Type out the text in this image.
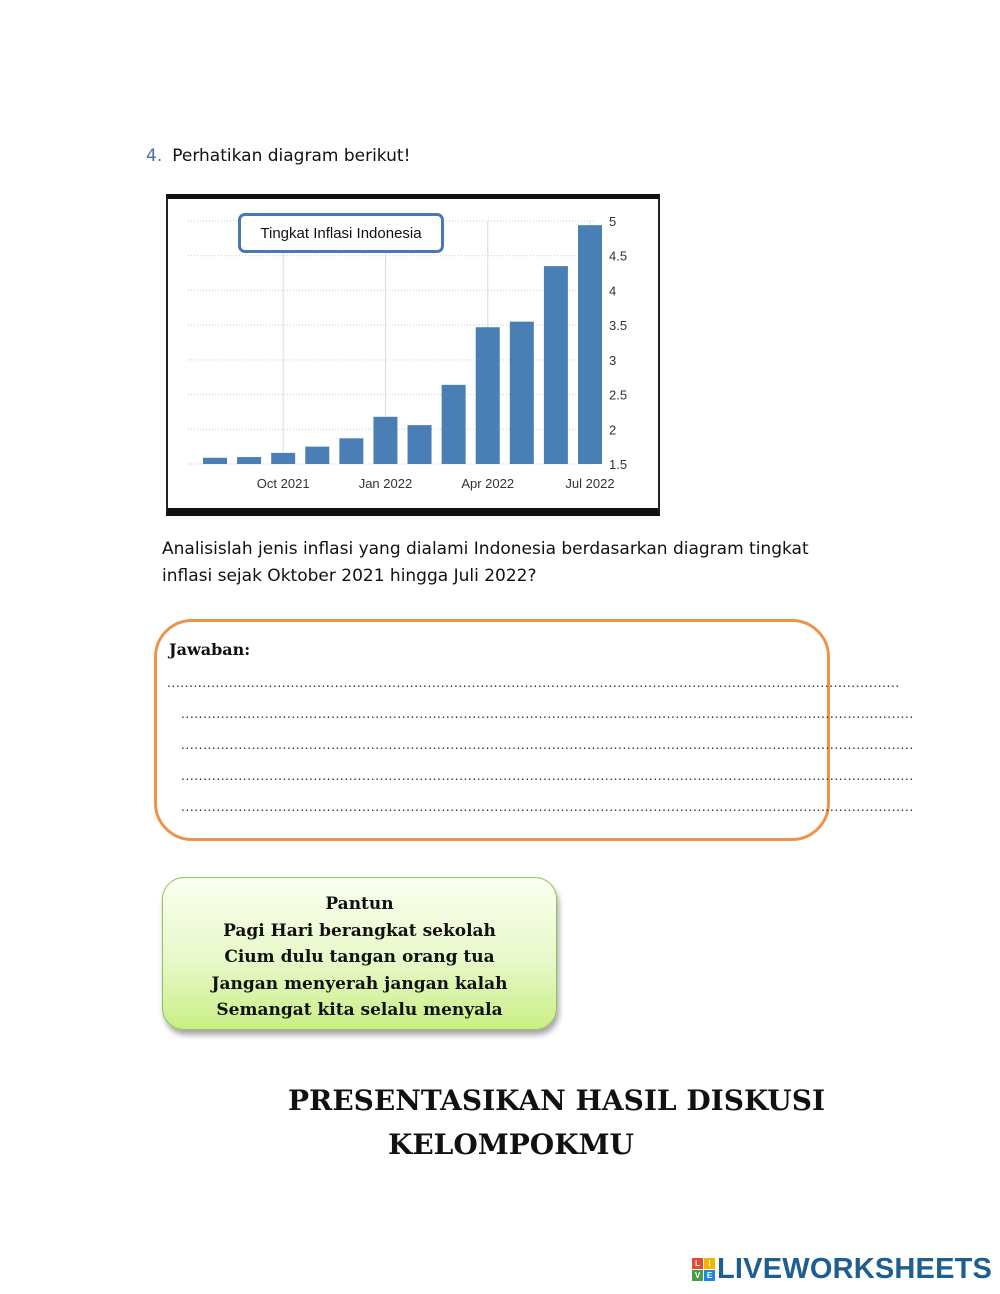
4. Perhatikan diagram berikut!
1.5
2
2.5
3
3.5
4
4.5
5
Oct 2021	Jan 2022	Apr 2022	Jul 2022
Tingkat Inflasi Indonesia
Analisislah jenis inflasi yang dialami Indonesia berdasarkan diagram tingkat
inflasi sejak Oktober 2021 hingga Juli 2022?
Jawaban:
......................................................................................................................................................................
......................................................................................................................................................................
......................................................................................................................................................................
......................................................................................................................................................................
......................................................................................................................................................................
Pantun
Pagi Hari berangkat sekolah
Cium dulu tangan orang tua
Jangan menyerah jangan kalah
Semangat kita selalu menyala
PRESENTASIKAN HASIL DISKUSI
KELOMPOKMU
L	I
V E LIVEWORKSHEETS
